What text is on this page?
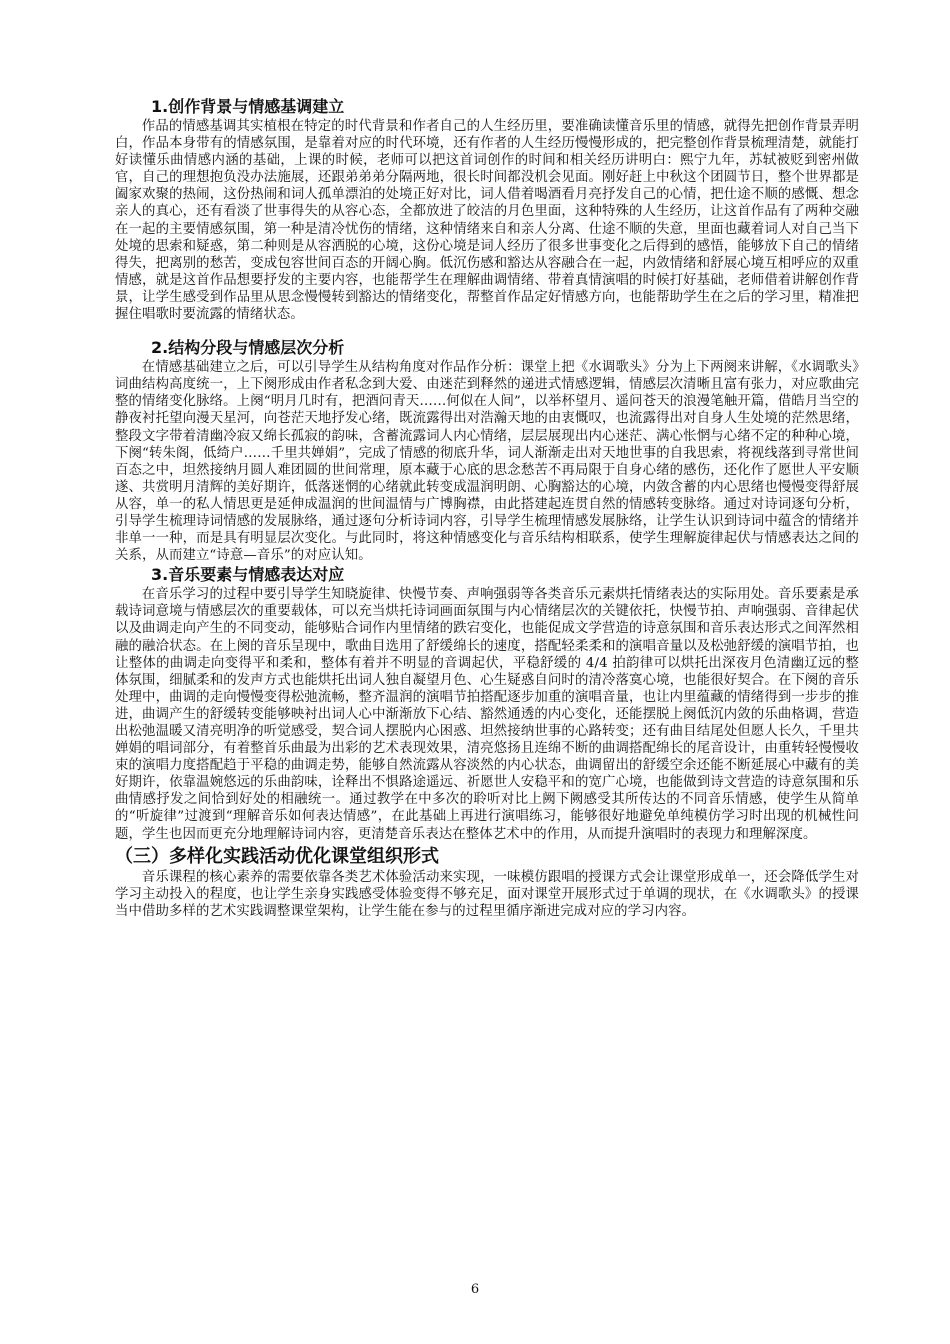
1.创作背景与情感基调建立

作品的情感基调其实植根在特定的时代背景和作者自己的人生经历里，要准确读懂音乐里的情感，就得先把创作背景弄明白，作品本身带有的情感氛围，是靠着对应的时代环境，还有作者的人生经历慢慢形成的，把完整创作背景梳理清楚，就能打好读懂乐曲情感内涵的基础，上课的时候，老师可以把这首词创作的时间和相关经历讲明白：熙宁九年，苏轼被贬到密州做官，自己的理想抱负没办法施展，还跟弟弟弟分隔两地，很长时间都没机会见面。刚好赶上中秋这个团圆节日，整个世界都是阖家欢聚的热闹，这份热闹和词人孤单漂泊的处境正好对比，词人借着喝酒看月亮抒发自己的心情，把仕途不顺的感慨、想念亲人的真心，还有看淡了世事得失的从容心态，全都放进了皎洁的月色里面，这种特殊的人生经历，让这首作品有了两种交融在一起的主要情感氛围，第一种是清冷忧伤的情绪，这种情绪来自和亲人分离、仕途不顺的失意，里面也藏着词人对自己当下处境的思索和疑惑，第二种则是从容洒脱的心境，这份心境是词人经历了很多世事变化之后得到的感悟，能够放下自己的情绪得失，把离别的愁苦，变成包容世间百态的开阔心胸。低沉伤感和豁达从容融合在一起，内敛情绪和舒展心境互相呼应的双重情感，就是这首作品想要抒发的主要内容，也能帮学生在理解曲调情绪、带着真情演唱的时候打好基础，老师借着讲解创作背景，让学生感受到作品里从思念慢慢转到豁达的情绪变化，帮整首作品定好情感方向，也能帮助学生在之后的学习里，精准把握住唱歌时要流露的情绪状态。

2.结构分段与情感层次分析

在情感基础建立之后，可以引导学生从结构角度对作品作分析：课堂上把《水调歌头》分为上下两阕来讲解，《水调歌头》词曲结构高度统一，上下阕形成由作者私念到大爱、由迷茫到释然的递进式情感逻辑，情感层次清晰且富有张力，对应歌曲完整的情绪变化脉络。上阕“明月几时有，把酒问青天……何似在人间”，以举杯望月、遥问苍天的浪漫笔触开篇，借皓月当空的静夜衬托望向漫天星河，向苍茫天地抒发心绪，既流露得出对浩瀚天地的由衷慨叹，也流露得出对自身人生处境的茫然思绪，整段文字带着清幽冷寂又绵长孤寂的韵味，含蓄流露词人内心情绪，层层展现出内心迷茫、满心怅惘与心绪不定的种种心境，下阕“转朱阁，低绮户……千里共婵娟”，完成了情感的彻底升华，词人渐渐走出对天地世事的自我思索，将视线落到寻常世间百态之中，坦然接纳月圆人难团圆的世间常理，原本藏于心底的思念愁苦不再局限于自身心绪的感伤，还化作了愿世人平安顺遂、共赏明月清辉的美好期许，低落迷惘的心绪就此转变成温润明朗、心胸豁达的心境，内敛含蓄的内心思绪也慢慢变得舒展从容，单一的私人情思更是延伸成温润的世间温情与广博胸襟，由此搭建起连贯自然的情感转变脉络。通过对诗词逐句分析，引导学生梳理诗词情感的发展脉络，通过逐句分析诗词内容，引导学生梳理情感发展脉络，让学生认识到诗词中蕴含的情绪并非单一一种，而是具有明显层次变化。与此同时，将这种情感变化与音乐结构相联系，使学生理解旋律起伏与情感表达之间的关系，从而建立“诗意—音乐”的对应认知。

3.音乐要素与情感表达对应

在音乐学习的过程中要引导学生知晓旋律、快慢节奏、声响强弱等各类音乐元素烘托情绪表达的实际用处。音乐要素是承载诗词意境与情感层次的重要载体，可以充当烘托诗词画面氛围与内心情绪层次的关键依托，快慢节拍、声响强弱、音律起伏以及曲调走向产生的不同变动，能够贴合词作内里情绪的跌宕变化，也能促成文学营造的诗意氛围和音乐表达形式之间浑然相融的融洽状态。在上阕的音乐呈现中，歌曲目选用了舒缓绵长的速度，搭配轻柔柔和的演唱音量以及松弛舒缓的演唱节拍，也让整体的曲调走向变得平和柔和，整体有着并不明显的音调起伏，平稳舒缓的 4/4 拍韵律可以烘托出深夜月色清幽辽远的整体氛围，细腻柔和的发声方式也能烘托出词人独自凝望月色、心生疑惑自问时的清冷落寞心境，也能很好契合。在下阕的音乐处理中，曲调的走向慢慢变得松弛流畅，整齐温润的演唱节拍搭配逐步加重的演唱音量，也让内里蕴藏的情绪得到一步步的推进，曲调产生的舒缓转变能够映衬出词人心中渐渐放下心结、豁然通透的内心变化，还能摆脱上阕低沉内敛的乐曲格调，营造出松弛温暖又清亮明净的听觉感受，契合词人摆脱内心困惑、坦然接纳世事的心路转变；还有曲目结尾处但愿人长久，千里共婵娟的唱词部分，有着整首乐曲最为出彩的艺术表现效果，清亮悠扬且连绵不断的曲调搭配绵长的尾音设计，由重转轻慢慢收束的演唱力度搭配趋于平稳的曲调走势，能够自然流露从容淡然的内心状态，曲调留出的舒缓空余还能不断延展心中藏有的美好期许，依靠温婉悠远的乐曲韵味，诠释出不惧路途遥远、祈愿世人安稳平和的宽广心境，也能做到诗文营造的诗意氛围和乐曲情感抒发之间恰到好处的相融统一。通过教学在中多次的聆听对比上阙下阙感受其所传达的不同音乐情感，使学生从简单的“听旋律”过渡到“理解音乐如何表达情感”，在此基础上再进行演唱练习，能够很好地避免单纯模仿学习时出现的机械性问题，学生也因而更充分地理解诗词内容，更清楚音乐表达在整体艺术中的作用，从而提升演唱时的表现力和理解深度。

（三）多样化实践活动优化课堂组织形式

音乐课程的核心素养的需要依靠各类艺术体验活动来实现，一味模仿跟唱的授课方式会让课堂形成单一，还会降低学生对学习主动投入的程度，也让学生亲身实践感受体验变得不够充足，面对课堂开展形式过于单调的现状，在《水调歌头》的授课当中借助多样的艺术实践调整课堂架构，让学生能在参与的过程里循序渐进完成对应的学习内容。

6
